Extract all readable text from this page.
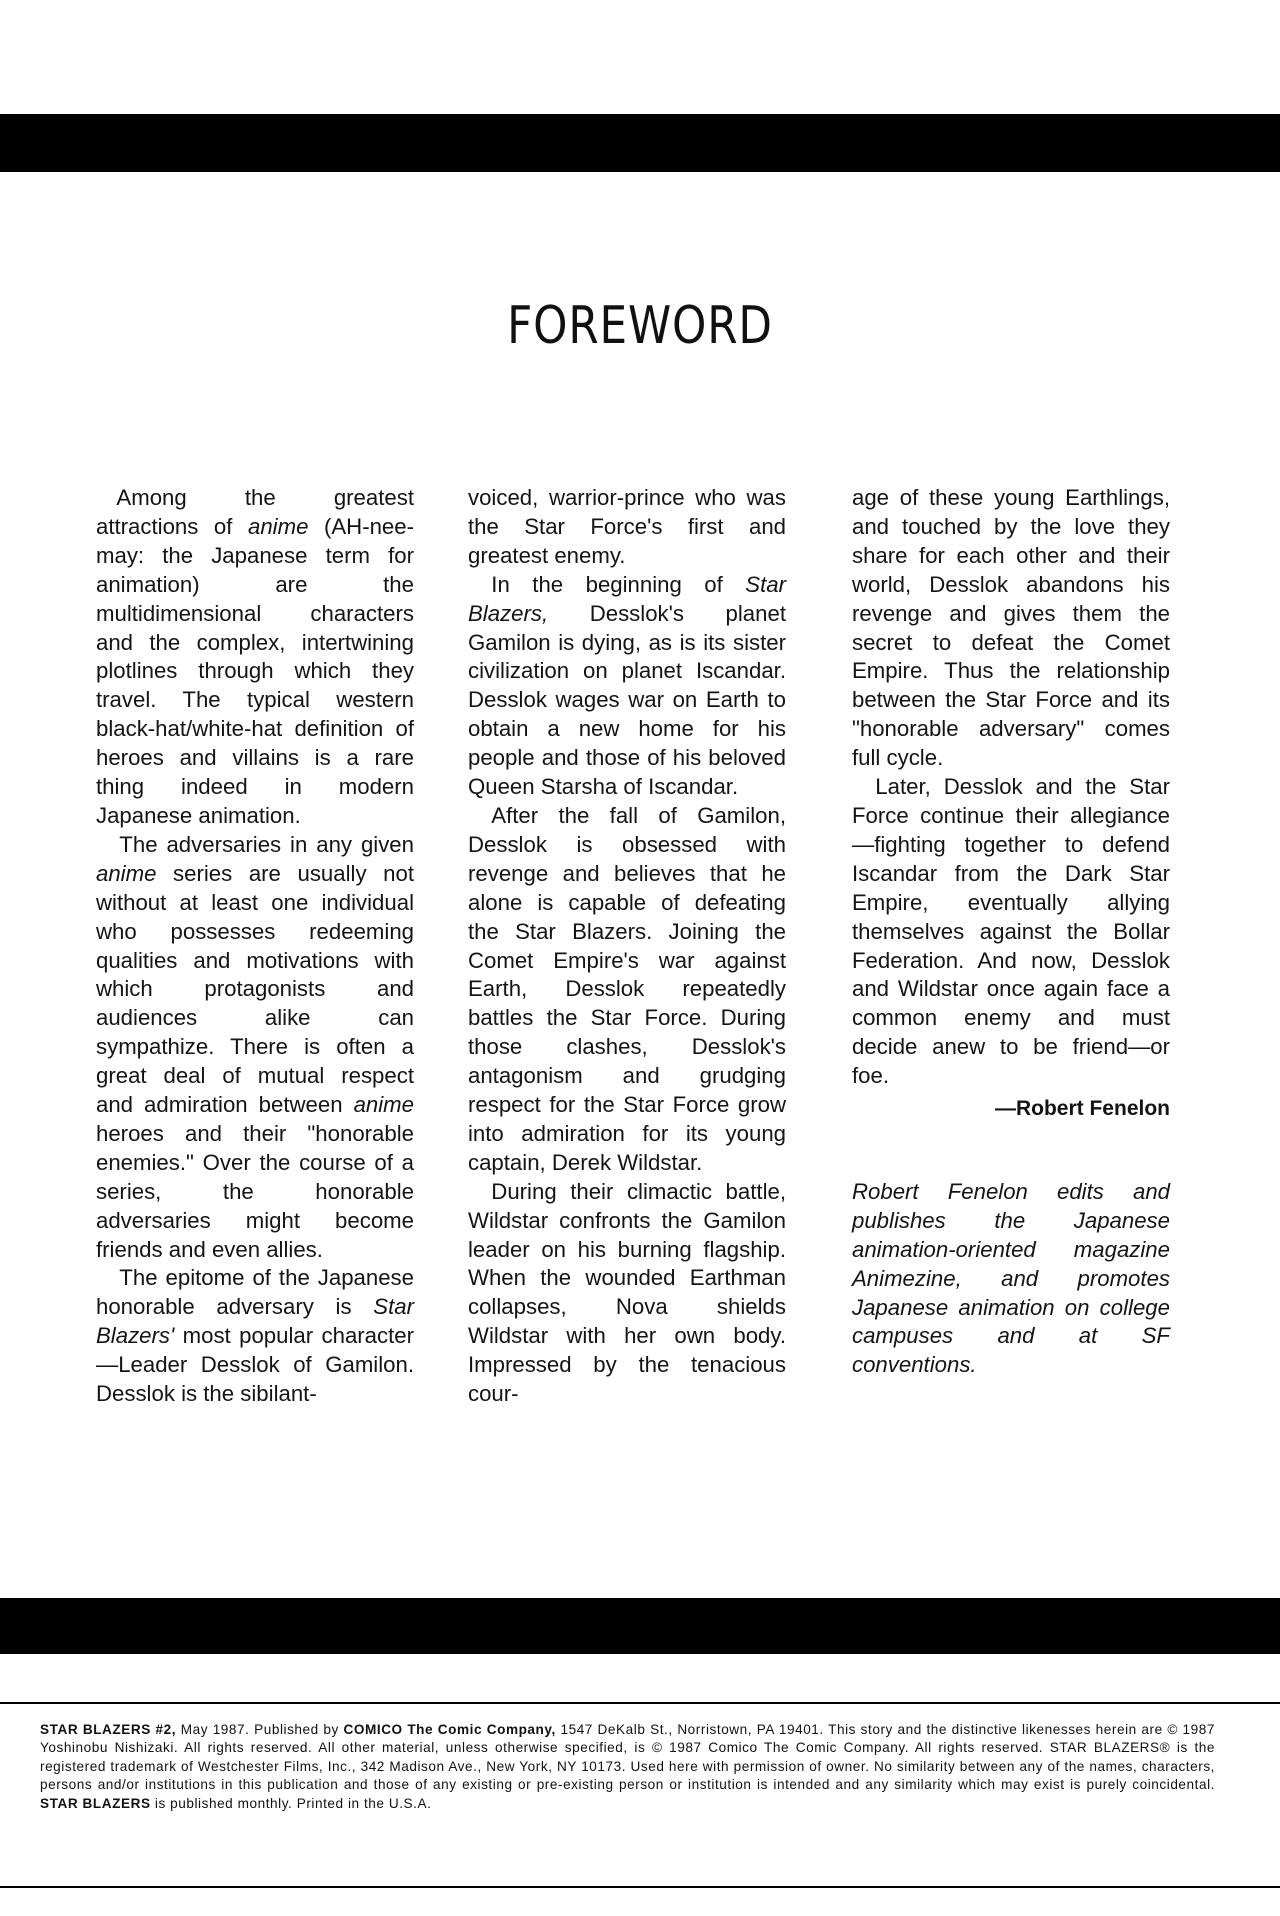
FOREWORD

Among the greatest attractions of anime (AH-nee-may: the Japanese term for animation) are the multidimensional characters and the complex, intertwining plotlines through which they travel. The typical western black-hat/white-hat definition of heroes and villains is a rare thing indeed in modern Japanese animation.

The adversaries in any given anime series are usually not without at least one individual who possesses redeeming qualities and motivations with which protagonists and audiences alike can sympathize. There is often a great deal of mutual respect and admiration between anime heroes and their "honorable enemies." Over the course of a series, the honorable adversaries might become friends and even allies.

The epitome of the Japanese honorable adversary is Star Blazers' most popular character—Leader Desslok of Gamilon. Desslok is the sibilant-

voiced, warrior-prince who was the Star Force's first and greatest enemy.

In the beginning of Star Blazers, Desslok's planet Gamilon is dying, as is its sister civilization on planet Iscandar. Desslok wages war on Earth to obtain a new home for his people and those of his beloved Queen Starsha of Iscandar.

After the fall of Gamilon, Desslok is obsessed with revenge and believes that he alone is capable of defeating the Star Blazers. Joining the Comet Empire's war against Earth, Desslok repeatedly battles the Star Force. During those clashes, Desslok's antagonism and grudging respect for the Star Force grow into admiration for its young captain, Derek Wildstar.

During their climactic battle, Wildstar confronts the Gamilon leader on his burning flagship. When the wounded Earthman collapses, Nova shields Wildstar with her own body. Impressed by the tenacious cour-

age of these young Earthlings, and touched by the love they share for each other and their world, Desslok abandons his revenge and gives them the secret to defeat the Comet Empire. Thus the relationship between the Star Force and its "honorable adversary" comes full cycle.

Later, Desslok and the Star Force continue their allegiance—fighting together to defend Iscandar from the Dark Star Empire, eventually allying themselves against the Bollar Federation. And now, Desslok and Wildstar once again face a common enemy and must decide anew to be friend—or foe.

—Robert Fenelon

Robert Fenelon edits and publishes the Japanese animation-oriented magazine Animezine, and promotes Japanese animation on college campuses and at SF conventions.

STAR BLAZERS #2, May 1987. Published by COMICO The Comic Company, 1547 DeKalb St., Norristown, PA 19401. This story and the distinctive likenesses herein are © 1987 Yoshinobu Nishizaki. All rights reserved. All other material, unless otherwise specified, is © 1987 Comico The Comic Company. All rights reserved. STAR BLAZERS® is the registered trademark of Westchester Films, Inc., 342 Madison Ave., New York, NY 10173. Used here with permission of owner. No similarity between any of the names, characters, persons and/or institutions in this publication and those of any existing or pre-existing person or institution is intended and any similarity which may exist is purely coincidental. STAR BLAZERS is published monthly. Printed in the U.S.A.
